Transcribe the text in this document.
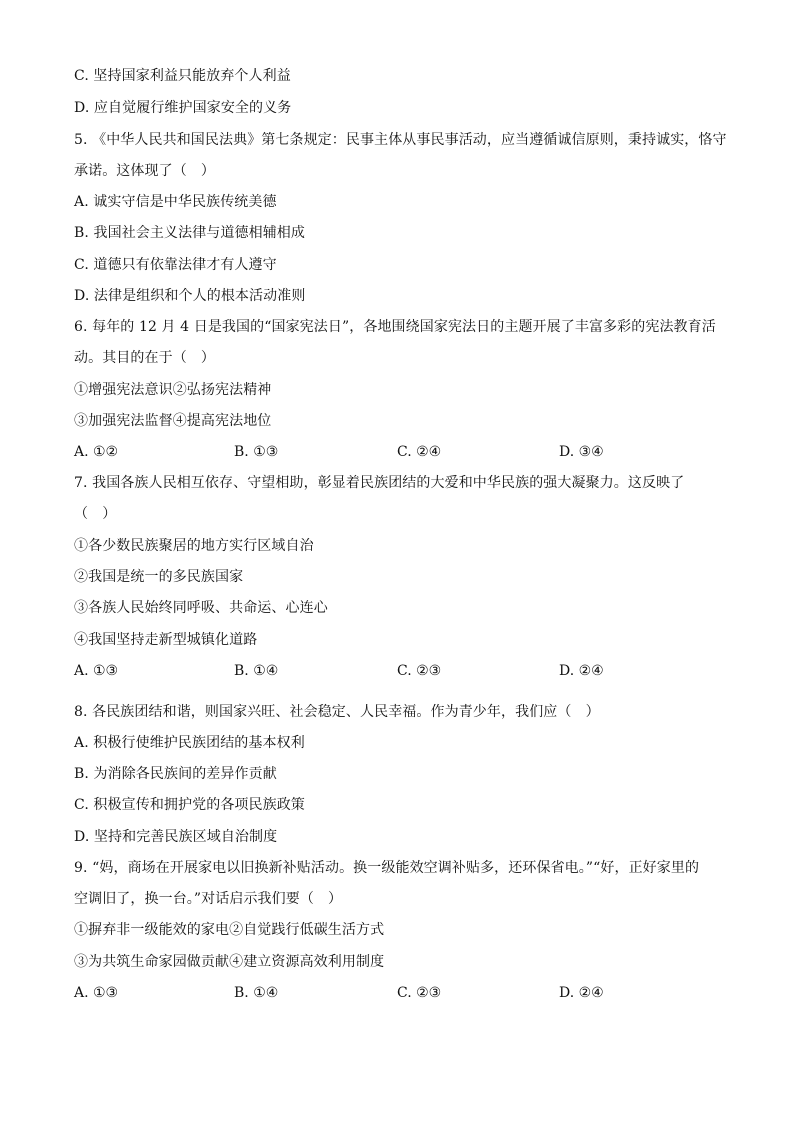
C. 坚持国家利益只能放弃个人利益
D. 应自觉履行维护国家安全的义务
5. 《中华人民共和国民法典》第七条规定：民事主体从事民事活动，应当遵循诚信原则，秉持诚实，恪守
承诺。这体现了（　）
A. 诚实守信是中华民族传统美德
B. 我国社会主义法律与道德相辅相成
C. 道德只有依靠法律才有人遵守
D. 法律是组织和个人的根本活动准则
6. 每年的 12 月 4 日是我国的“国家宪法日”，各地围绕国家宪法日的主题开展了丰富多彩的宪法教育活
动。其目的在于（　）
①增强宪法意识②弘扬宪法精神
③加强宪法监督④提高宪法地位
A. ①②	B. ①③	C. ②④	D. ③④
7. 我国各族人民相互依存、守望相助，彰显着民族团结的大爱和中华民族的强大凝聚力。这反映了
（　）
①各少数民族聚居的地方实行区域自治
②我国是统一的多民族国家
③各族人民始终同呼吸、共命运、心连心
④我国坚持走新型城镇化道路
A. ①③	B. ①④	C. ②③	D. ②④
8. 各民族团结和谐，则国家兴旺、社会稳定、人民幸福。作为青少年，我们应（　）
A. 积极行使维护民族团结的基本权利
B. 为消除各民族间的差异作贡献
C. 积极宣传和拥护党的各项民族政策
D. 坚持和完善民族区域自治制度
9. “妈，商场在开展家电以旧换新补贴活动。换一级能效空调补贴多，还环保省电。”“好，正好家里的
空调旧了，换一台。”对话启示我们要（　）
①摒弃非一级能效的家电②自觉践行低碳生活方式
③为共筑生命家园做贡献④建立资源高效利用制度
A. ①③	B. ①④	C. ②③	D. ②④
